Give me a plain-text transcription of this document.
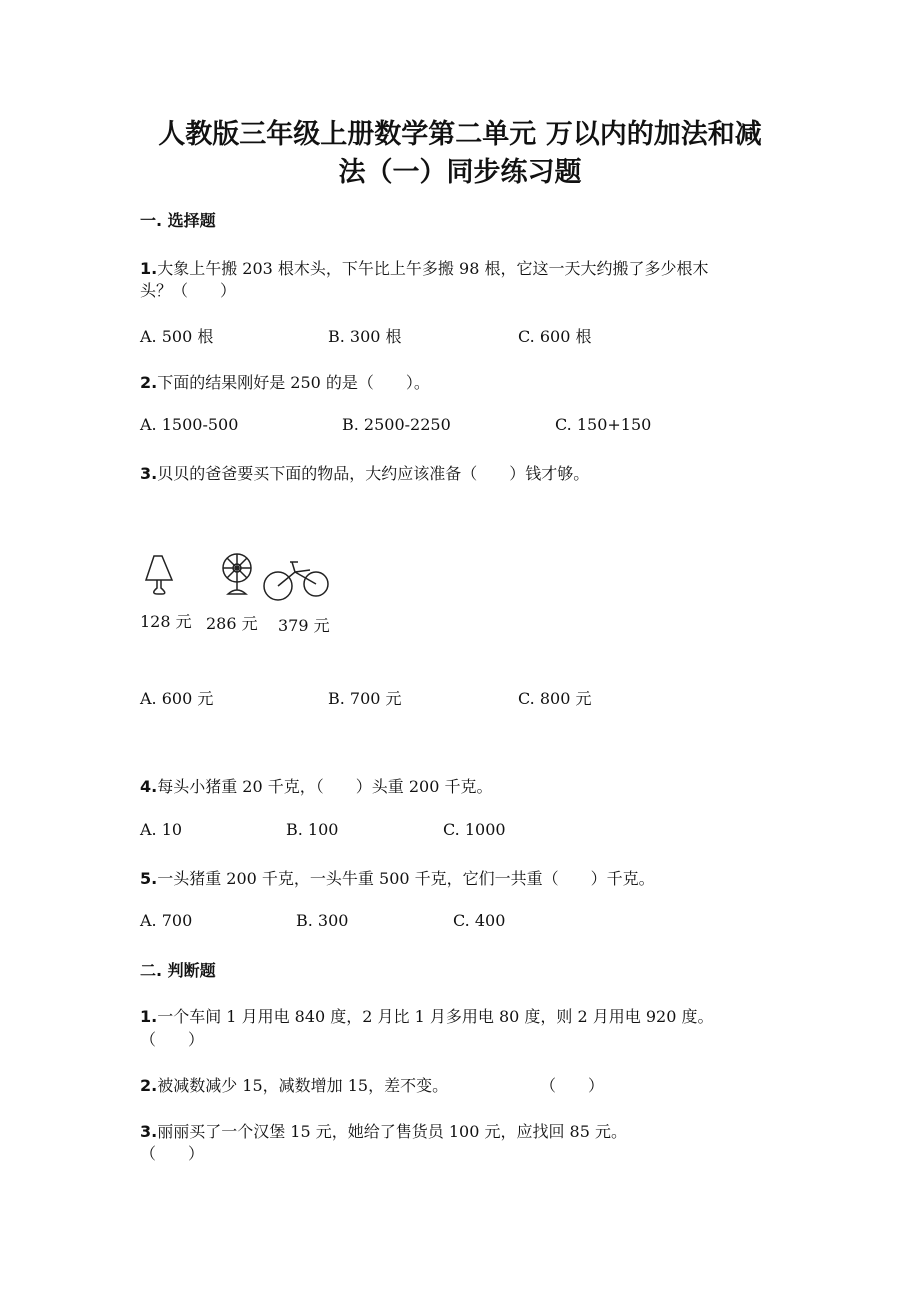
人教版三年级上册数学第二单元 万以内的加法和减
法（一）同步练习题
一. 选择题
1.大象上午搬 203 根木头，下午比上午多搬 98 根，它这一天大约搬了多少根木
头？（　　）
A. 500 根	B. 300 根	C. 600 根
2.下面的结果刚好是 250 的是（　　）。
A. 1500-500	B. 2500-2250	C. 150+150
3.贝贝的爸爸要买下面的物品，大约应该准备（　　）钱才够。
128 元 286 元 379 元
A. 600 元	B. 700 元	C. 800 元
4.每头小猪重 20 千克，（　　）头重 200 千克。
A. 10	B. 100	C. 1000
5.一头猪重 200 千克，一头牛重 500 千克，它们一共重（　　）千克。
A. 700	B. 300	C. 400
二. 判断题
1.一个车间 1 月用电 840 度，2 月比 1 月多用电 80 度，则 2 月用电 920 度。
（　　）
2.被减数减少 15，减数增加 15，差不变。	（　　）
3.丽丽买了一个汉堡 15 元，她给了售货员 100 元，应找回 85 元。
（　　）
